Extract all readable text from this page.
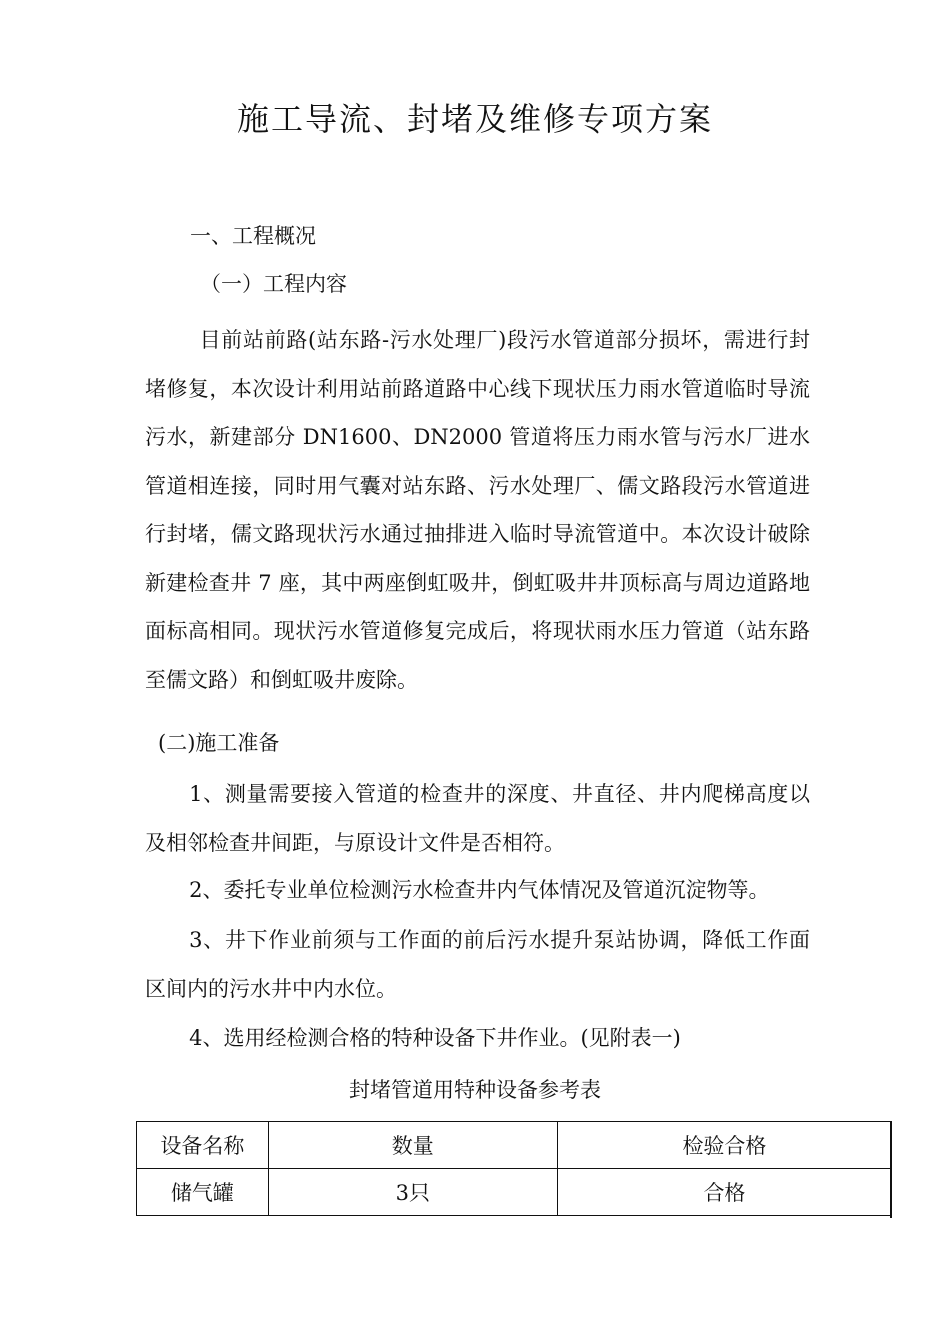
施工导流、封堵及维修专项方案
一、工程概况
（一）工程内容

目前站前路(站东路-污水处理厂)段污水管道部分损坏，需进行封堵修复，本次设计利用站前路道路中心线下现状压力雨水管道临时导流污水，新建部分 DN1600、DN2000 管道将压力雨水管与污水厂进水管道相连接，同时用气囊对站东路、污水处理厂、儒文路段污水管道进行封堵，儒文路现状污水通过抽排进入临时导流管道中。本次设计破除新建检查井 7 座，其中两座倒虹吸井，倒虹吸井井顶标高与周边道路地面标高相同。现状污水管道修复完成后，将现状雨水压力管道（站东路至儒文路）和倒虹吸井废除。

(二)施工准备

1、测量需要接入管道的检查井的深度、井直径、井内爬梯高度以及相邻检查井间距，与原设计文件是否相符。

2、委托专业单位检测污水检查井内气体情况及管道沉淀物等。

3、井下作业前须与工作面的前后污水提升泵站协调，降低工作面区间内的污水井中内水位。

4、选用经检测合格的特种设备下井作业。(见附表一)

封堵管道用特种设备参考表
设备名称	数量	检验合格
储气罐	3只	合格
